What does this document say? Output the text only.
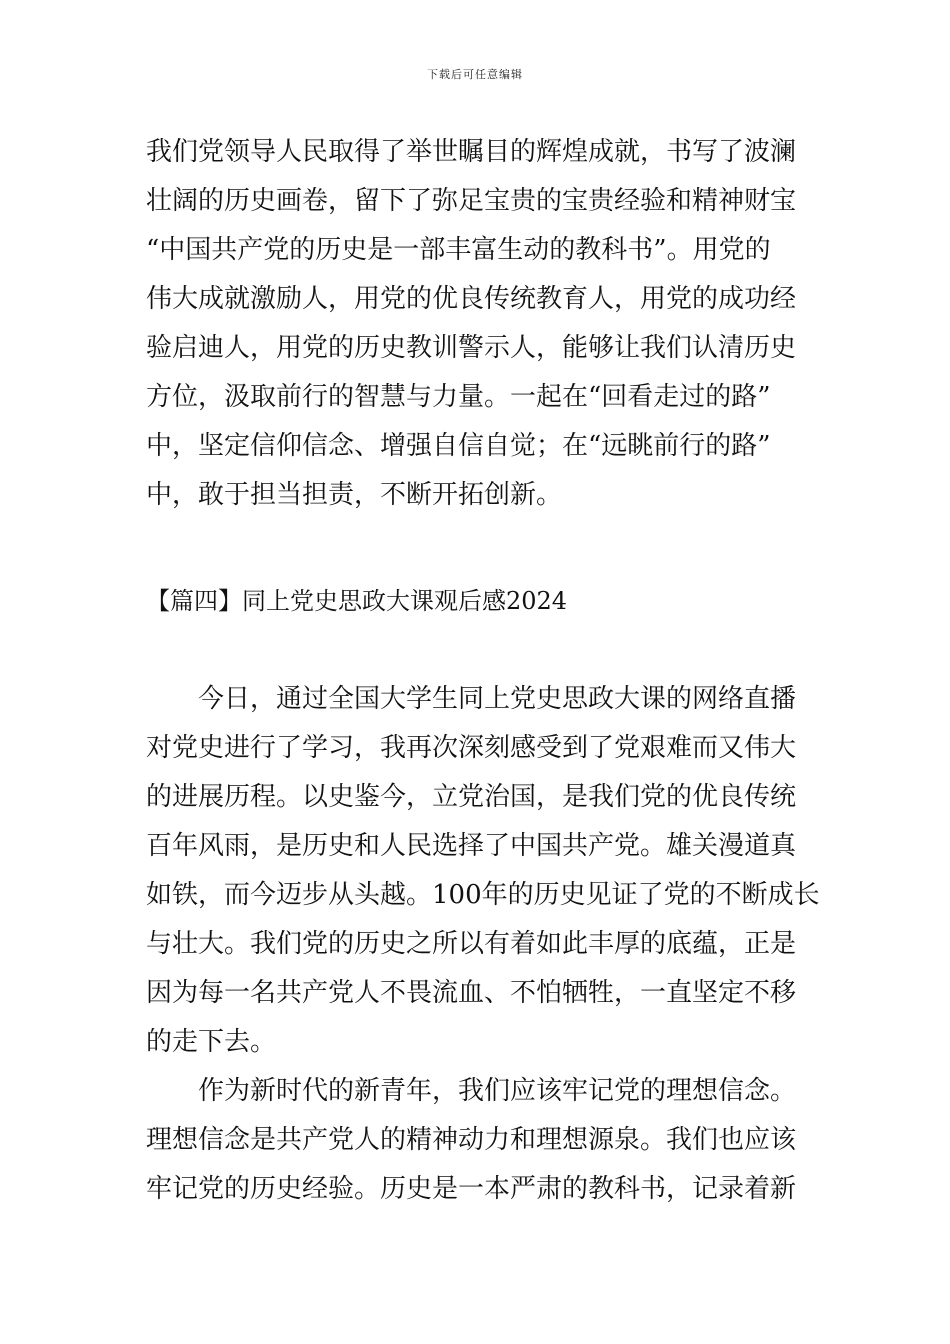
下载后可任意编辑
我们党领导人民取得了举世瞩目的辉煌成就，书写了波澜
壮阔的历史画卷，留下了弥足宝贵的宝贵经验和精神财宝
“中国共产党的历史是一部丰富生动的教科书”。用党的
伟大成就激励人，用党的优良传统教育人，用党的成功经
验启迪人，用党的历史教训警示人，能够让我们认清历史
方位，汲取前行的智慧与力量。一起在“回看走过的路”
中，坚定信仰信念、增强自信自觉；在“远眺前行的路”
中，敢于担当担责，不断开拓创新。
【篇四】同上党史思政大课观后感2024
今日，通过全国大学生同上党史思政大课的网络直播
对党史进行了学习，我再次深刻感受到了党艰难而又伟大
的进展历程。以史鉴今，立党治国，是我们党的优良传统
百年风雨，是历史和人民选择了中国共产党。雄关漫道真
如铁，而今迈步从头越。100年的历史见证了党的不断成长
与壮大。我们党的历史之所以有着如此丰厚的底蕴，正是
因为每一名共产党人不畏流血、不怕牺牲，一直坚定不移
的走下去。
作为新时代的新青年，我们应该牢记党的理想信念。
理想信念是共产党人的精神动力和理想源泉。我们也应该
牢记党的历史经验。历史是一本严肃的教科书，记录着新
